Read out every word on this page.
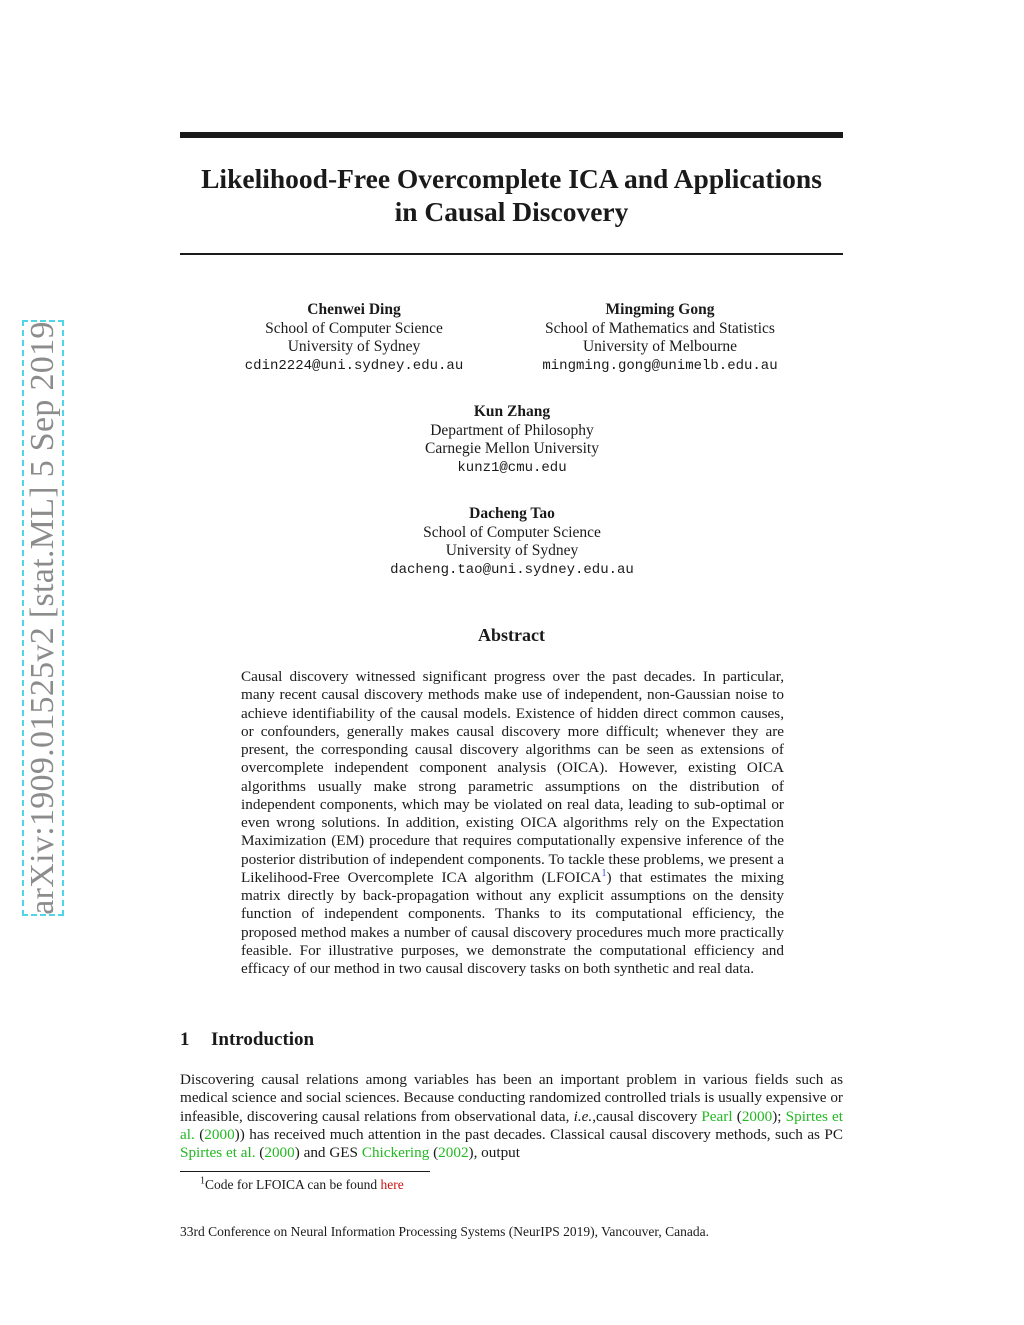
arXiv:1909.01525v2 [stat.ML] 5 Sep 2019
Likelihood-Free Overcomplete ICA and Applications
in Causal Discovery
Chenwei Ding
School of Computer Science
University of Sydney
cdin2224@uni.sydney.edu.au
Mingming Gong
School of Mathematics and Statistics
University of Melbourne
mingming.gong@unimelb.edu.au
Kun Zhang
Department of Philosophy
Carnegie Mellon University
kunz1@cmu.edu
Dacheng Tao
School of Computer Science
University of Sydney
dacheng.tao@uni.sydney.edu.au
Abstract
Causal discovery witnessed significant progress over the past decades. In particular, many recent causal discovery methods make use of independent, non-Gaussian noise to achieve identifiability of the causal models. Existence of hidden direct common causes, or confounders, generally makes causal discovery more difficult; whenever they are present, the corresponding causal discovery algorithms can be seen as extensions of overcomplete independent component analysis (OICA). However, existing OICA algorithms usually make strong parametric assumptions on the distribution of independent components, which may be violated on real data, leading to sub-optimal or even wrong solutions. In addition, existing OICA algorithms rely on the Expectation Maximization (EM) procedure that requires computationally expensive inference of the posterior distribution of independent components. To tackle these problems, we present a Likelihood-Free Overcomplete ICA algorithm (LFOICA$^1$) that estimates the mixing matrix directly by back-propagation without any explicit assumptions on the density function of independent components. Thanks to its computational efficiency, the proposed method makes a number of causal discovery procedures much more practically feasible. For illustrative purposes, we demonstrate the computational efficiency and efficacy of our method in two causal discovery tasks on both synthetic and real data.
1 Introduction
Discovering causal relations among variables has been an important problem in various fields such as medical science and social sciences. Because conducting randomized controlled trials is usually expensive or infeasible, discovering causal relations from observational data, i.e.,causal discovery Pearl (2000); Spirtes et al. (2000)) has received much attention in the past decades. Classical causal discovery methods, such as PC Spirtes et al. (2000) and GES Chickering (2002), output
$^1$Code for LFOICA can be found here
33rd Conference on Neural Information Processing Systems (NeurIPS 2019), Vancouver, Canada.
